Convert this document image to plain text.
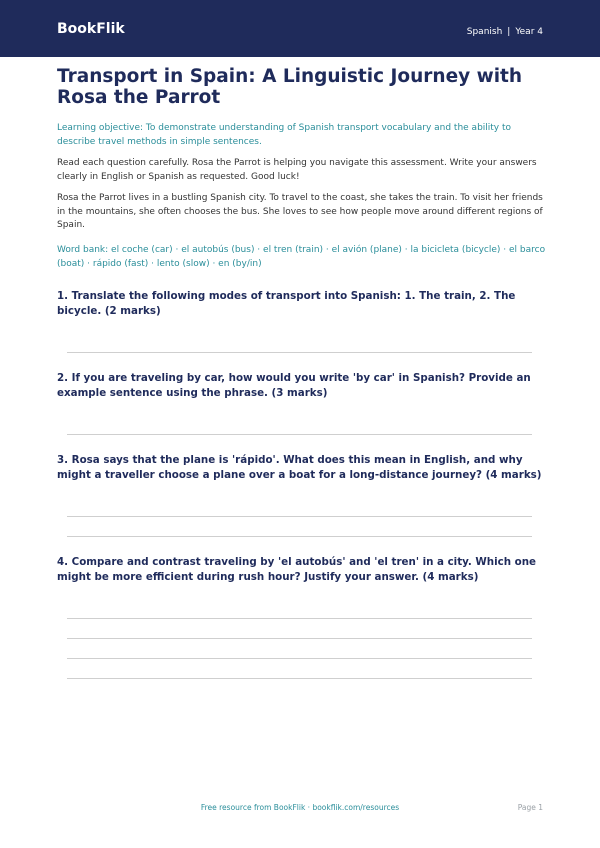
BookFlik	Spanish | Year 4
Transport in Spain: A Linguistic Journey with Rosa the Parrot

Learning objective: To demonstrate understanding of Spanish transport vocabulary and the ability to describe travel methods in simple sentences.

Read each question carefully. Rosa the Parrot is helping you navigate this assessment. Write your answers clearly in English or Spanish as requested. Good luck!

Rosa the Parrot lives in a bustling Spanish city. To travel to the coast, she takes the train. To visit her friends in the mountains, she often chooses the bus. She loves to see how people move around different regions of Spain.

Word bank: el coche (car) · el autobús (bus) · el tren (train) · el avión (plane) · la bicicleta (bicycle) · el barco (boat) · rápido (fast) · lento (slow) · en (by/in)

1. Translate the following modes of transport into Spanish: 1. The train, 2. The bicycle. (2 marks)

2. If you are traveling by car, how would you write 'by car' in Spanish? Provide an example sentence using the phrase. (3 marks)

3. Rosa says that the plane is 'rápido'. What does this mean in English, and why might a traveller choose a plane over a boat for a long-distance journey? (4 marks)

4. Compare and contrast traveling by 'el autobús' and 'el tren' in a city. Which one might be more efficient during rush hour? Justify your answer. (4 marks)

Free resource from BookFlik · bookflik.com/resources	Page 1
